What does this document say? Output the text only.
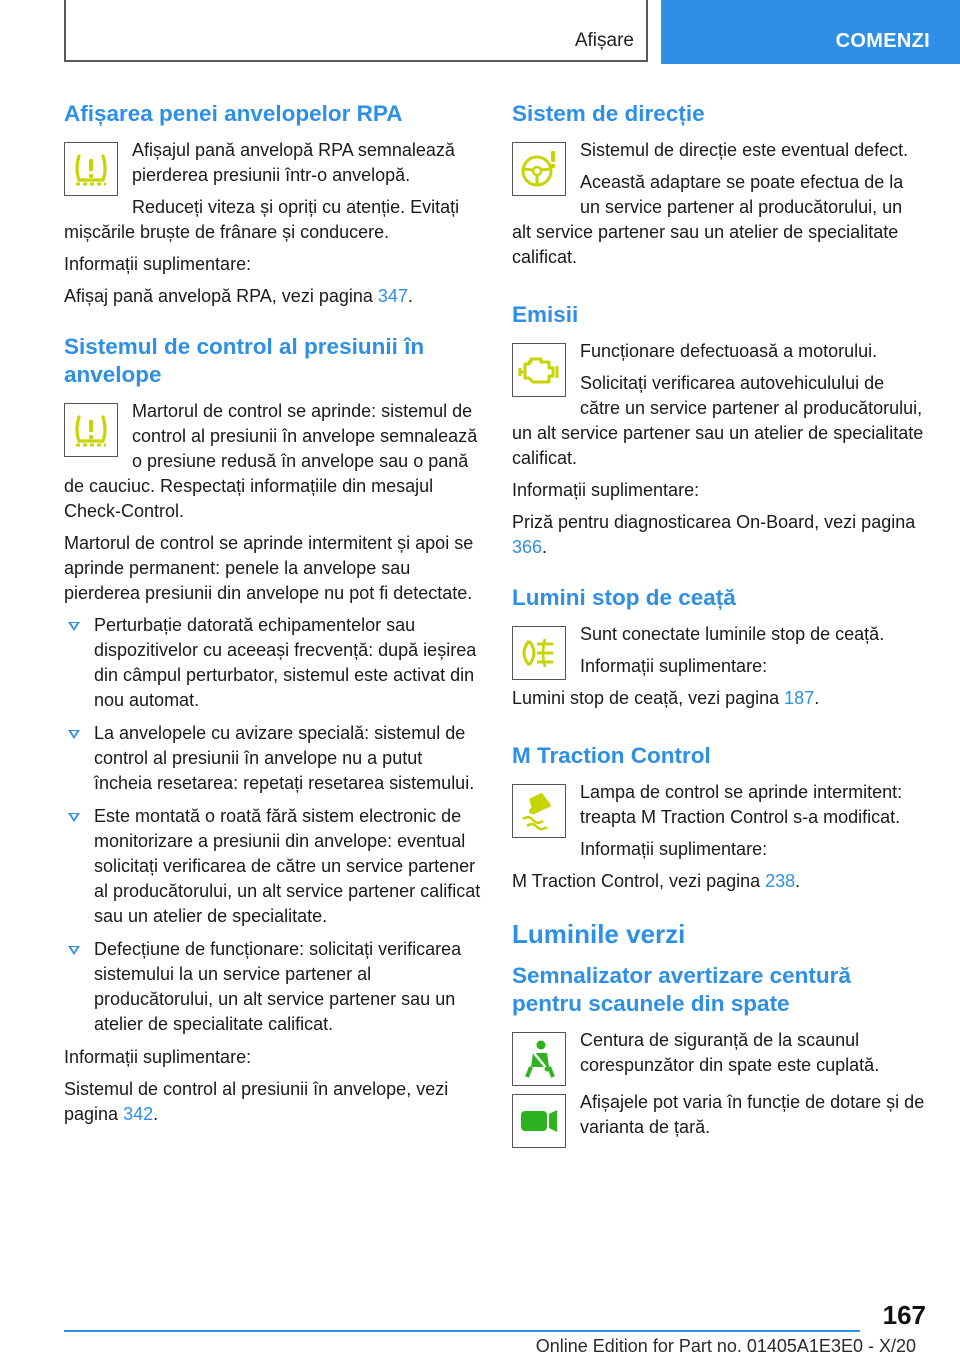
Afișare	COMENZI
Afișarea penei anvelopelor RPA

Afișajul pană anvelopă RPA semnalează pierderea presiunii într-o anvelopă.

Reduceți viteza și opriți cu atenție. Evitați mișcările bruște de frânare și conducere.

Informații suplimentare:

Afișaj pană anvelopă RPA, vezi pagina 347.

Sistemul de control al presiunii în anvelope

Martorul de control se aprinde: sistemul de control al presiunii în anvelope semnalează o presiune redusă în anvelope sau o pană de cauciuc. Respectați informațiile din mesajul Check-Control.

Martorul de control se aprinde intermitent și apoi se aprinde permanent: penele la anvelope sau pierderea presiunii din anvelope nu pot fi detectate.

Perturbație datorată echipamentelor sau dispozitivelor cu aceeași frecvență: după ieșirea din câmpul perturbator, sistemul este activat din nou automat.
La anvelopele cu avizare specială: sistemul de control al presiunii în anvelope nu a putut încheia resetarea: repetați resetarea sistemului.
Este montată o roată fără sistem electronic de monitorizare a presiunii din anvelope: eventual solicitați verificarea de către un service partener al producătorului, un alt service partener calificat sau un atelier de specialitate.
Defecțiune de funcționare: solicitați verificarea sistemului la un service partener al producătorului, un alt service partener sau un atelier de specialitate calificat.

Informații suplimentare:

Sistemul de control al presiunii în anvelope, vezi pagina 342.

Sistem de direcție

Sistemul de direcție este eventual defect.

Această adaptare se poate efectua de la un service partener al producătorului, un alt service partener sau un atelier de specialitate calificat.

Emisii

Funcționare defectuoasă a motorului.

Solicitați verificarea autovehiculului de către un service partener al producătorului, un alt service partener sau un atelier de specialitate calificat.

Informații suplimentare:

Priză pentru diagnosticarea On-Board, vezi pagina 366.

Lumini stop de ceață

Sunt conectate luminile stop de ceață.

Informații suplimentare:

Lumini stop de ceață, vezi pagina 187.

M Traction Control

Lampa de control se aprinde intermitent: treapta M Traction Control s-a modificat.

Informații suplimentare:

M Traction Control, vezi pagina 238.

Luminile verzi
Semnalizator avertizare centură pentru scaunele din spate

Centura de siguranță de la scaunul corespunzător din spate este cuplată.

Afișajele pot varia în funcție de dotare și de varianta de țară.

167
Online Edition for Part no. 01405A1E3E0 - X/20
